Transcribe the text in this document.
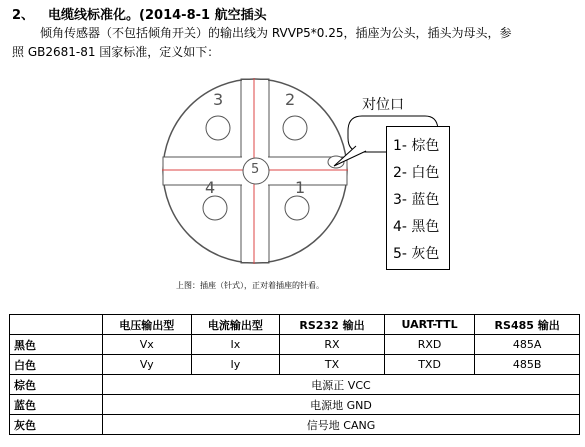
2、 电缆线标准化。(2014-8-1 航空插头
倾角传感器（不包括倾角开关）的输出线为 RVVP5*0.25，插座为公头，插头为母头，参
照 GB2681-81 国家标准，定义如下：
3	2
4	1
5
对位口
1- 棕色
2- 白色
3- 蓝色
4- 黑色
5- 灰色
上图：插座（针式），正对着插座的针看。
	电压输出型	电流输出型	RS232 输出	UART-TTL	RS485 输出
黑色	Vx	Ix	RX	RXD	485A
白色	Vy	Iy	TX	TXD	485B
棕色	电源正 VCC				
蓝色	电源地 GND				
灰色	信号地 CANG				
